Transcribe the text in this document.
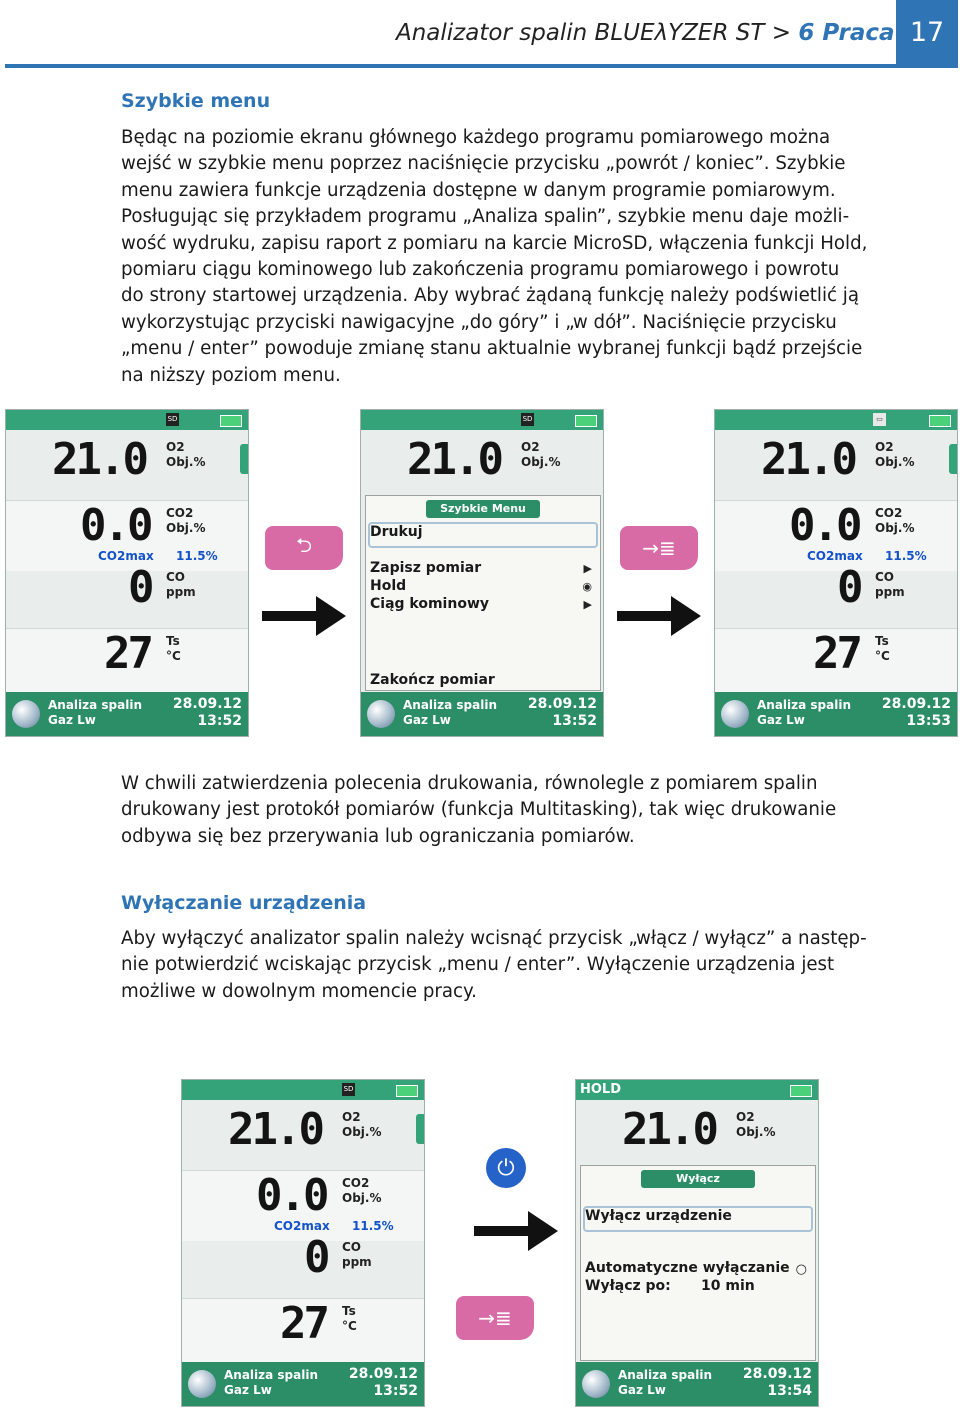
Analizator spalin BLUEλYZER ST > 6 Praca 17
Szybkie menu

Będąc na poziomie ekranu głównego każdego programu pomiarowego można

wejść w szybkie menu poprzez naciśnięcie przycisku „powrót / koniec”. Szybkie

menu zawiera funkcje urządzenia dostępne w danym programie pomiarowym.

Posługując się przykładem programu „Analiza spalin”, szybkie menu daje możli-

wość wydruku, zapisu raport z pomiaru na karcie MicroSD, włączenia funkcji Hold,

pomiaru ciągu kominowego lub zakończenia programu pomiarowego i powrotu

do strony startowej urządzenia. Aby wybrać żądaną funkcję należy podświetlić ją

wykorzystując przyciski nawigacyjne „do góry” i „w dół”. Naciśnięcie przycisku

„menu / enter” powoduje zmianę stanu aktualnie wybranej funkcji bądź przejście

na niższy poziom menu.

SD
21.0 O2
Obj.%
0.0 CO2
Obj.%
CO2max 11.5%
0 CO
ppm
27 Ts
°C
Analiza spalin
Gaz Lw
28.09.12
13:52
⮌
SD
21.0 O2
Obj.%
Szybkie Menu
Drukuj
Zapisz pomiar
Hold
Ciąg kominowy
▶
◉
▶
Zakończ pomiar
Analiza spalin
Gaz Lw
28.09.12
13:52
→≣
▭
21.0 O2
Obj.%
0.0 CO2
Obj.%
CO2max 11.5%
0 CO
ppm
27 Ts
°C
Analiza spalin
Gaz Lw
28.09.12
13:53

W chwili zatwierdzenia polecenia drukowania, równolegle z pomiarem spalin

drukowany jest protokół pomiarów (funkcja Multitasking), tak więc drukowanie

odbywa się bez przerywania lub ograniczania pomiarów.

Wyłączanie urządzenia

Aby wyłączyć analizator spalin należy wcisnąć przycisk „włącz / wyłącz” a następ-

nie potwierdzić wciskając przycisk „menu / enter”. Wyłączenie urządzenia jest

możliwe w dowolnym momencie pracy.

SD
21.0 O2
Obj.%
0.0 CO2
Obj.%
CO2max 11.5%
0 CO
ppm
27 Ts
°C
Analiza spalin
Gaz Lw
28.09.12
13:52
⏻
→≣
HOLD
21.0 O2
Obj.%
Wyłącz
Wyłącz urządzenie
Automatyczne wyłączanie ○
Wyłącz po: 10 min
Analiza spalin
Gaz Lw
28.09.12
13:54
